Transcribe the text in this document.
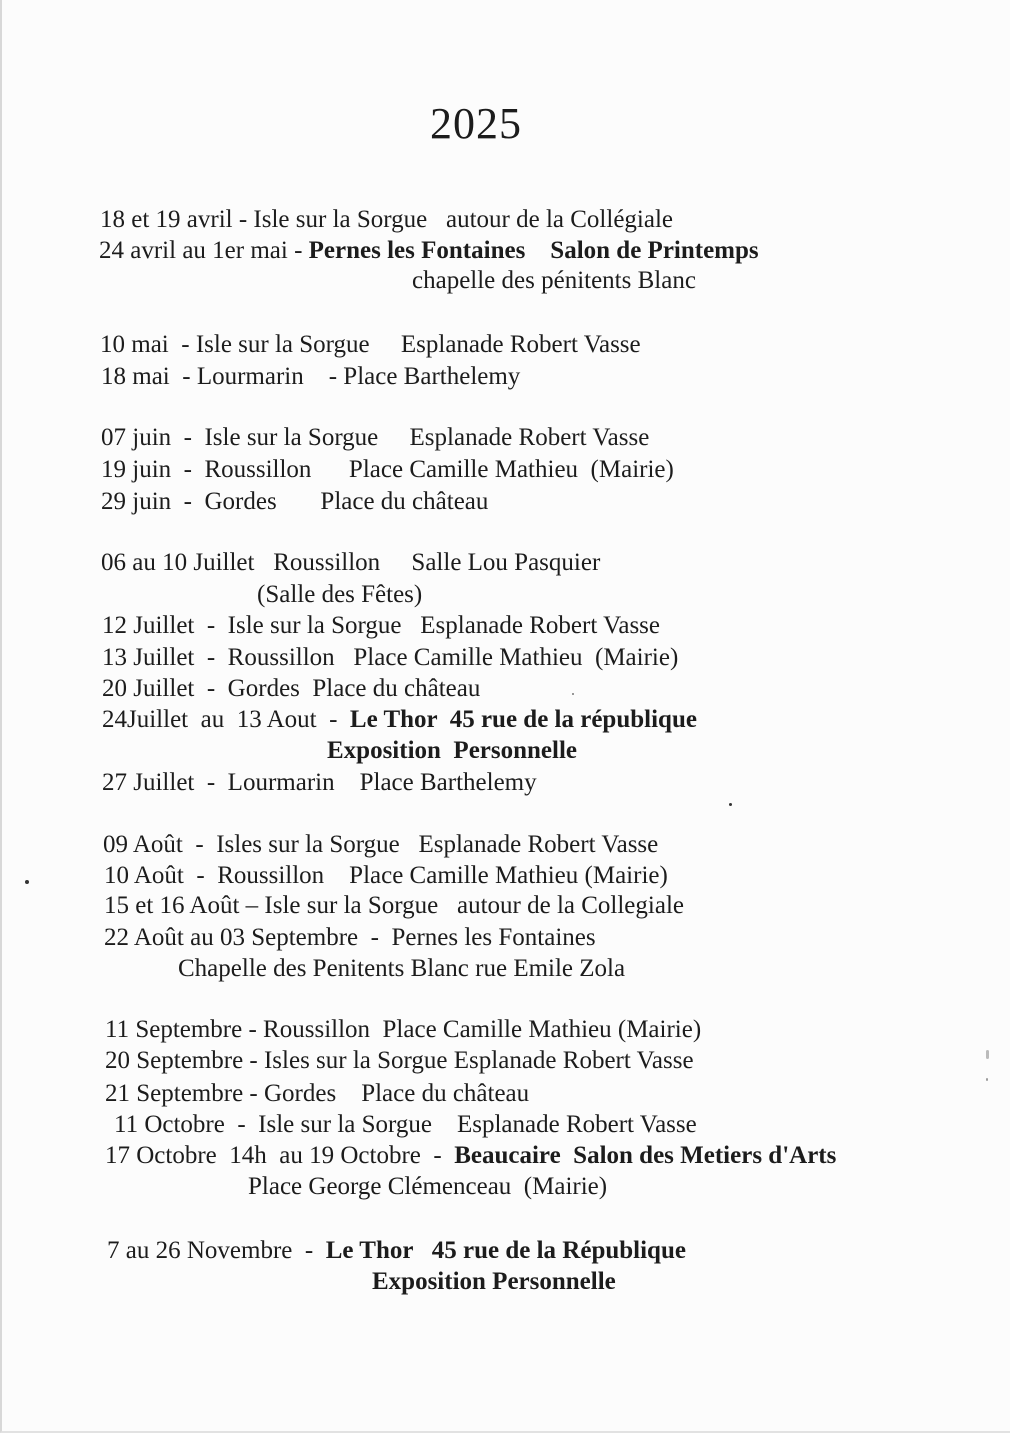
2025
18 et 19 avril - Isle sur la Sorgue   autour de la Collégiale
24 avril au 1er mai - Pernes les Fontaines    Salon de Printemps
chapelle des pénitents Blanc
10 mai  - Isle sur la Sorgue     Esplanade Robert Vasse
18 mai  - Lourmarin    - Place Barthelemy
07 juin  -  Isle sur la Sorgue     Esplanade Robert Vasse
19 juin  -  Roussillon      Place Camille Mathieu  (Mairie)
29 juin  -  Gordes       Place du château
06 au 10 Juillet   Roussillon     Salle Lou Pasquier
(Salle des Fêtes)
12 Juillet  -  Isle sur la Sorgue   Esplanade Robert Vasse
13 Juillet  -  Roussillon   Place Camille Mathieu  (Mairie)
20 Juillet  -  Gordes  Place du château
24Juillet  au  13 Aout  -  Le Thor  45 rue de la république
Exposition  Personnelle
27 Juillet  -  Lourmarin    Place Barthelemy
09 Août  -  Isles sur la Sorgue   Esplanade Robert Vasse
10 Août  -  Roussillon    Place Camille Mathieu (Mairie)
15 et 16 Août – Isle sur la Sorgue   autour de la Collegiale
22 Août au 03 Septembre  -  Pernes les Fontaines
Chapelle des Penitents Blanc rue Emile Zola
11 Septembre - Roussillon  Place Camille Mathieu (Mairie)
20 Septembre - Isles sur la Sorgue Esplanade Robert Vasse
21 Septembre - Gordes    Place du château
11 Octobre  -  Isle sur la Sorgue    Esplanade Robert Vasse
17 Octobre  14h  au 19 Octobre  -  Beaucaire  Salon des Metiers d'Arts
Place George Clémenceau  (Mairie)
7 au 26 Novembre  -  Le Thor   45 rue de la République
Exposition Personnelle
